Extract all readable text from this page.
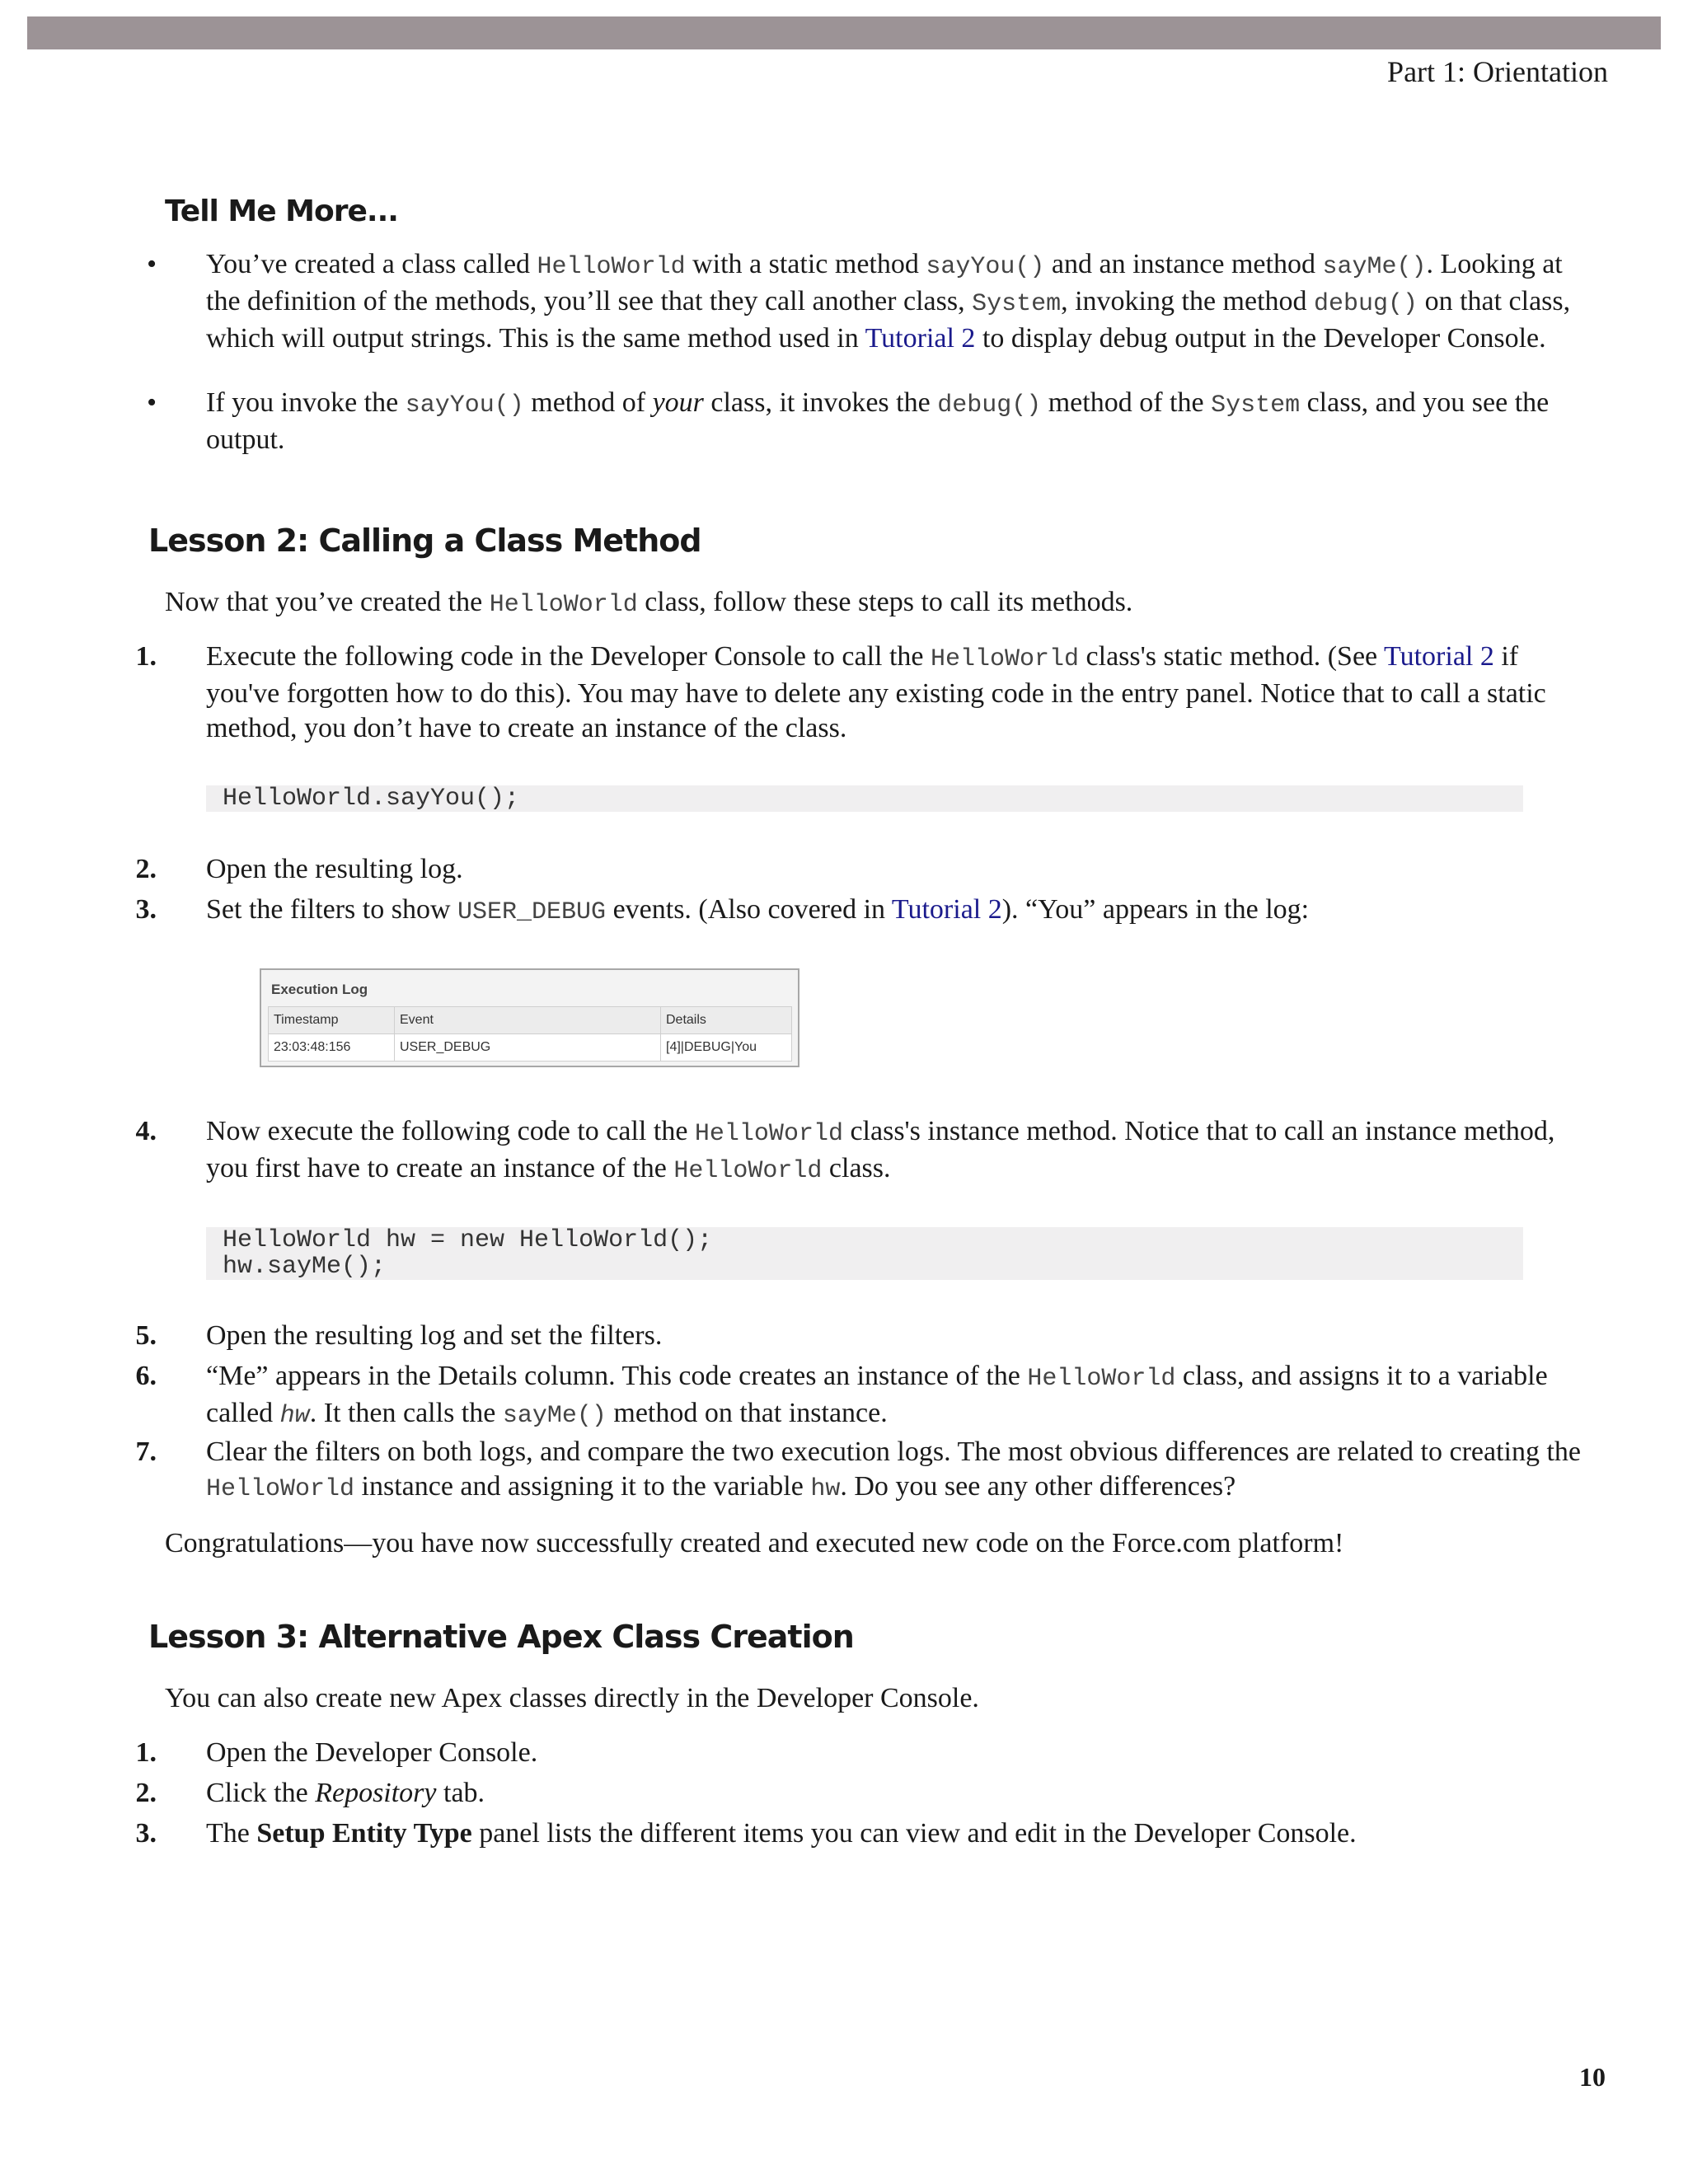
Part 1: Orientation
Tell Me More...
• You’ve created a class called HelloWorld with a static method sayYou() and an instance method sayMe(). Looking at the definition of the methods, you’ll see that they call another class, System, invoking the method debug() on that class, which will output strings. This is the same method used in Tutorial 2 to display debug output in the Developer Console.
• If you invoke the sayYou() method of your class, it invokes the debug() method of the System class, and you see the output.
Lesson 2: Calling a Class Method
Now that you’ve created the HelloWorld class, follow these steps to call its methods.
1. Execute the following code in the Developer Console to call the HelloWorld class's static method. (See Tutorial 2 if you've forgotten how to do this). You may have to delete any existing code in the entry panel. Notice that to call a static method, you don’t have to create an instance of the class.
HelloWorld.sayYou();
2. Open the resulting log.
3. Set the filters to show USER_DEBUG events. (Also covered in Tutorial 2). “You” appears in the log:
Execution Log
Timestamp	Event	Details
23:03:48:156	USER_DEBUG	[4]|DEBUG|You
4. Now execute the following code to call the HelloWorld class's instance method. Notice that to call an instance method, you first have to create an instance of the HelloWorld class.
HelloWorld hw = new HelloWorld();
hw.sayMe();
5. Open the resulting log and set the filters.
6. “Me” appears in the Details column. This code creates an instance of the HelloWorld class, and assigns it to a variable called hw. It then calls the sayMe() method on that instance.
7. Clear the filters on both logs, and compare the two execution logs. The most obvious differences are related to creating the HelloWorld instance and assigning it to the variable hw. Do you see any other differences?
Congratulations—you have now successfully created and executed new code on the Force.com platform!
Lesson 3: Alternative Apex Class Creation
You can also create new Apex classes directly in the Developer Console.
1. Open the Developer Console.
2. Click the Repository tab.
3. The Setup Entity Type panel lists the different items you can view and edit in the Developer Console.
10
